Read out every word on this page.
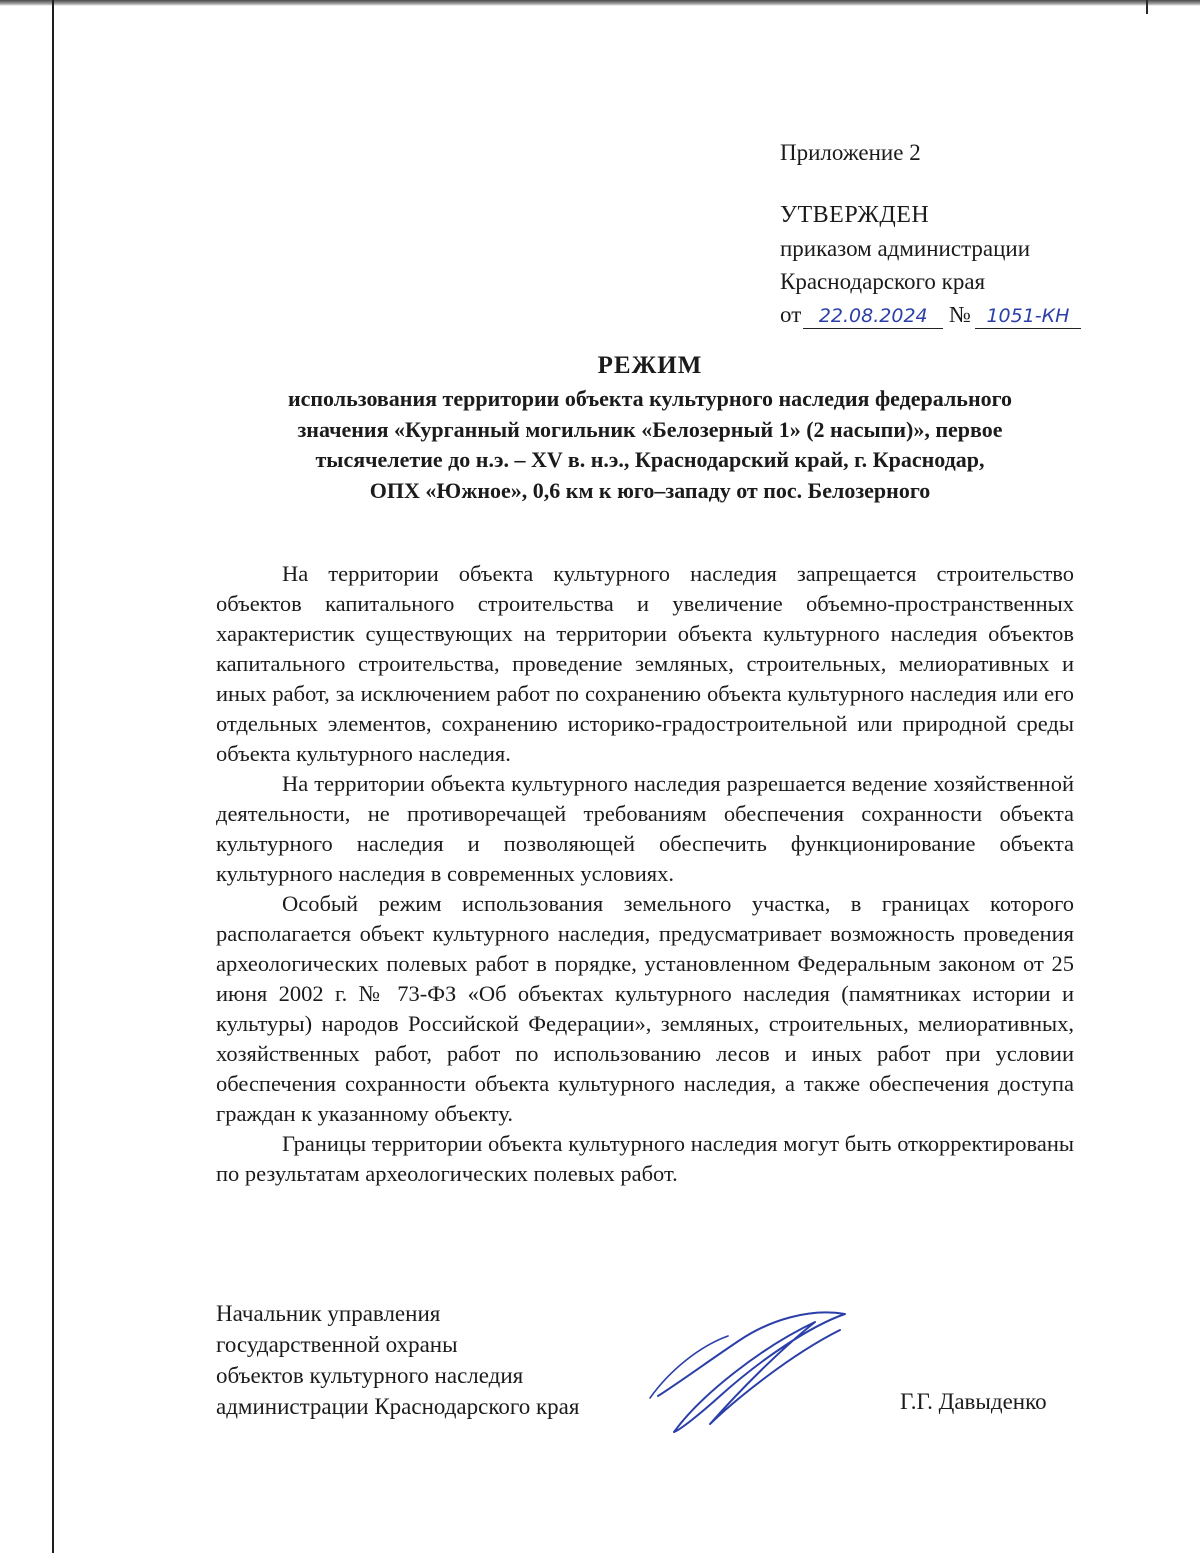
Приложение 2
УТВЕРЖДЕН
приказом администрации
Краснодарского края
от 22.08.2024 № 1051-КН
РЕЖИМ
использования территории объекта культурного наследия федерального
значения «Курганный могильник «Белозерный 1» (2 насыпи)», первое
тысячелетие до н.э. – XV в. н.э., Краснодарский край, г. Краснодар,
ОПХ «Южное», 0,6 км к юго–западу от пос. Белозерного

На территории объекта культурного наследия запрещается строительство объектов капитального строительства и увеличение объемно-пространственных характеристик существующих на территории объекта культурного наследия объектов капитального строительства, проведение земляных, строительных, мелиоративных и иных работ, за исключением работ по сохранению объекта культурного наследия или его отдельных элементов, сохранению историко-градостроительной или природной среды объекта культурного наследия.

На территории объекта культурного наследия разрешается ведение хозяйственной деятельности, не противоречащей требованиям обеспечения сохранности объекта культурного наследия и позволяющей обеспечить функционирование объекта культурного наследия в современных условиях.

Особый режим использования земельного участка, в границах которого располагается объект культурного наследия, предусматривает возможность проведения археологических полевых работ в порядке, установленном Федеральным законом от 25 июня 2002 г. № 73-ФЗ «Об объектах культурного наследия (памятниках истории и культуры) народов Российской Федерации», земляных, строительных, мелиоративных, хозяйственных работ, работ по использованию лесов и иных работ при условии обеспечения сохранности объекта культурного наследия, а также обеспечения доступа граждан к указанному объекту.

Границы территории объекта культурного наследия могут быть откорректированы по результатам археологических полевых работ.

Начальник управления
государственной охраны
объектов культурного наследия
администрации Краснодарского края	Г.Г. Давыденко
